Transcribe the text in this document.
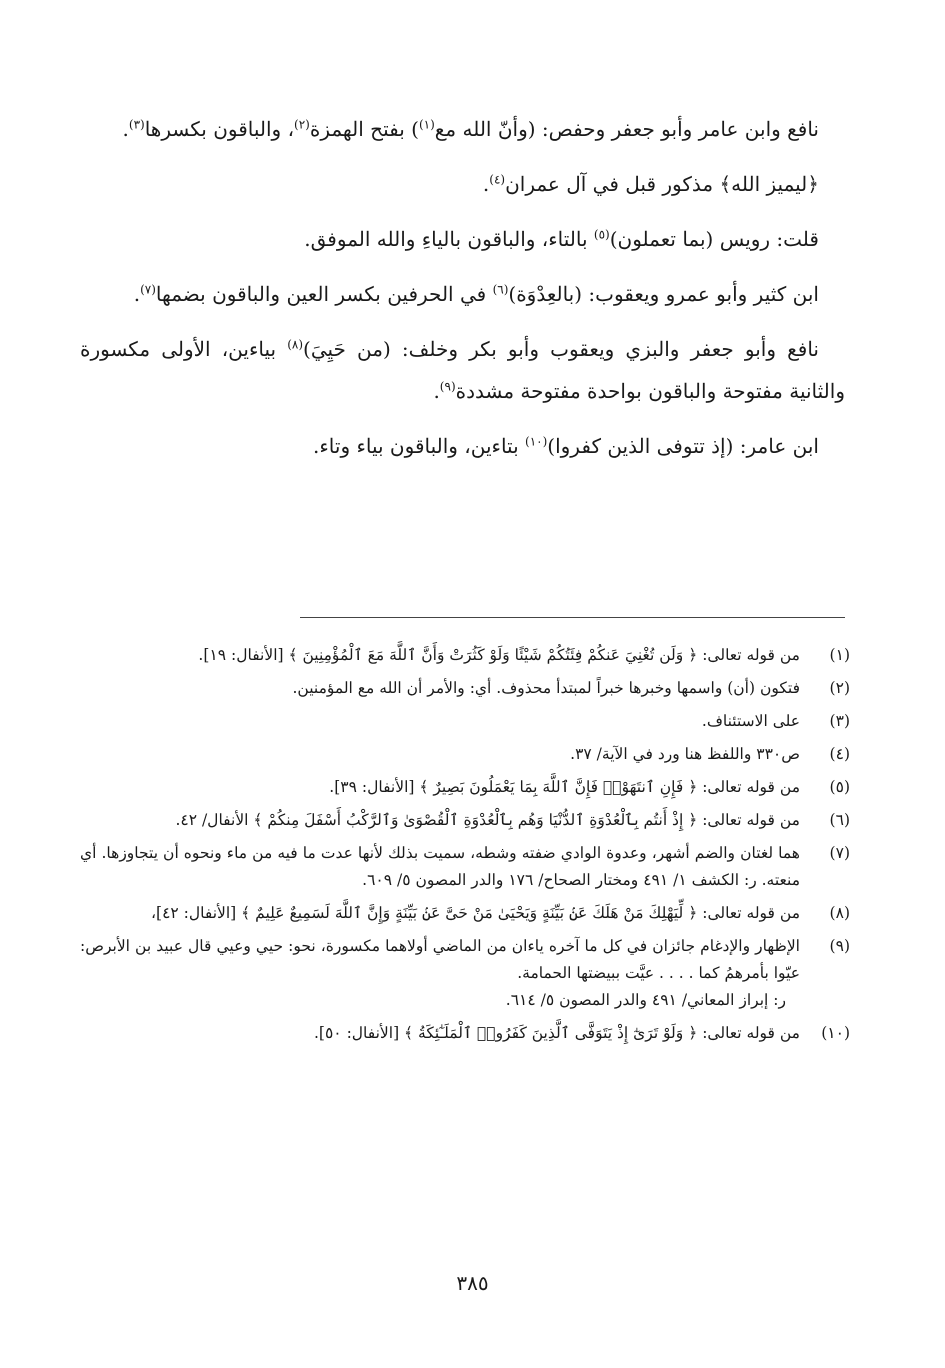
نافع وابن عامر وأبو جعفر وحفص: (وأنّ الله مع$^{(١)}$) بفتح الهمزة$^{(٢)}$، والباقون بكسرها$^{(٣)}$.

﴿ليميز الله﴾ مذكور قبل في آل عمران$^{(٤)}$.

قلت: رويس (بما تعملون)$^{(٥)}$ بالتاء، والباقون بالياءِ والله الموفق.

ابن كثير وأبو عمرو ويعقوب: (بالعِدْوَة)$^{(٦)}$ في الحرفين بكسر العين والباقون بضمها$^{(٧)}$.

نافع وأبو جعفر والبزي ويعقوب وأبو بكر وخلف: (من حَيِيَ)$^{(٨)}$ بياءين، الأولى مكسورة والثانية مفتوحة والباقون بواحدة مفتوحة مشددة$^{(٩)}$.

ابن عامر: (إذ تتوفى الذين كفروا)$^{(١٠)}$ بتاءين، والباقون بياء وتاء.

(١)
من قوله تعالى: ﴿ وَلَن تُغْنِيَ عَنكُمْ فِئَتُكُمْ شَيْئًا وَلَوْ كَثُرَتْ وَأَنَّ ٱللَّهَ مَعَ ٱلْمُؤْمِنِينَ ﴾ [الأنفال: ١٩].
(٢)
فتكون (أن) واسمها وخبرها خبراً لمبتدأ محذوف. أي: والأمر أن الله مع المؤمنين.
(٣)
على الاستئناف.
(٤)
ص٣٣٠ واللفظ هنا ورد في الآية/ ٣٧.
(٥)
من قوله تعالى: ﴿ فَإِنِ ٱنتَهَوْا۟ فَإِنَّ ٱللَّهَ بِمَا يَعْمَلُونَ بَصِيرٌ ﴾ [الأنفال: ٣٩].
(٦)
من قوله تعالى: ﴿ إِذْ أَنتُم بِٱلْعُدْوَةِ ٱلدُّنْيَا وَهُم بِٱلْعُدْوَةِ ٱلْقُصْوَىٰ وَٱلرَّكْبُ أَسْفَلَ مِنكُمْ ﴾ الأنفال/ ٤٢.
(٧)
هما لغتان والضم أشهر، وعدوة الوادي ضفته وشطه، سميت بذلك لأنها عدت ما فيه من ماء ونحوه أن يتجاوزها. أي منعته. ر: الكشف ١/ ٤٩١ ومختار الصحاح/ ١٧٦ والدر المصون ٥/ ٦٠٩.
(٨)
من قوله تعالى: ﴿ لِّيَهْلِكَ مَنْ هَلَكَ عَنۢ بَيِّنَةٍ وَيَحْيَىٰ مَنْ حَىَّ عَنۢ بَيِّنَةٍ وَإِنَّ ٱللَّهَ لَسَمِيعٌ عَلِيمٌ ﴾ [الأنفال: ٤٢]،
(٩)
الإظهار والإدغام جائزان في كل ما آخره ياءان من الماضي أولاهما مكسورة، نحو: حيي وعيي قال عبيد بن الأبرص: عيّوا بأمرهمُ كما . . . . عيَّت ببيضتها الحمامة.
ر: إبراز المعاني/ ٤٩١ والدر المصون ٥/ ٦١٤.
(١٠)
من قوله تعالى: ﴿ وَلَوْ تَرَىٰٓ إِذْ يَتَوَفَّى ٱلَّذِينَ كَفَرُوا۟ ٱلْمَلَـٰٓئِكَةُ ﴾ [الأنفال: ٥٠].
٣٨٥
